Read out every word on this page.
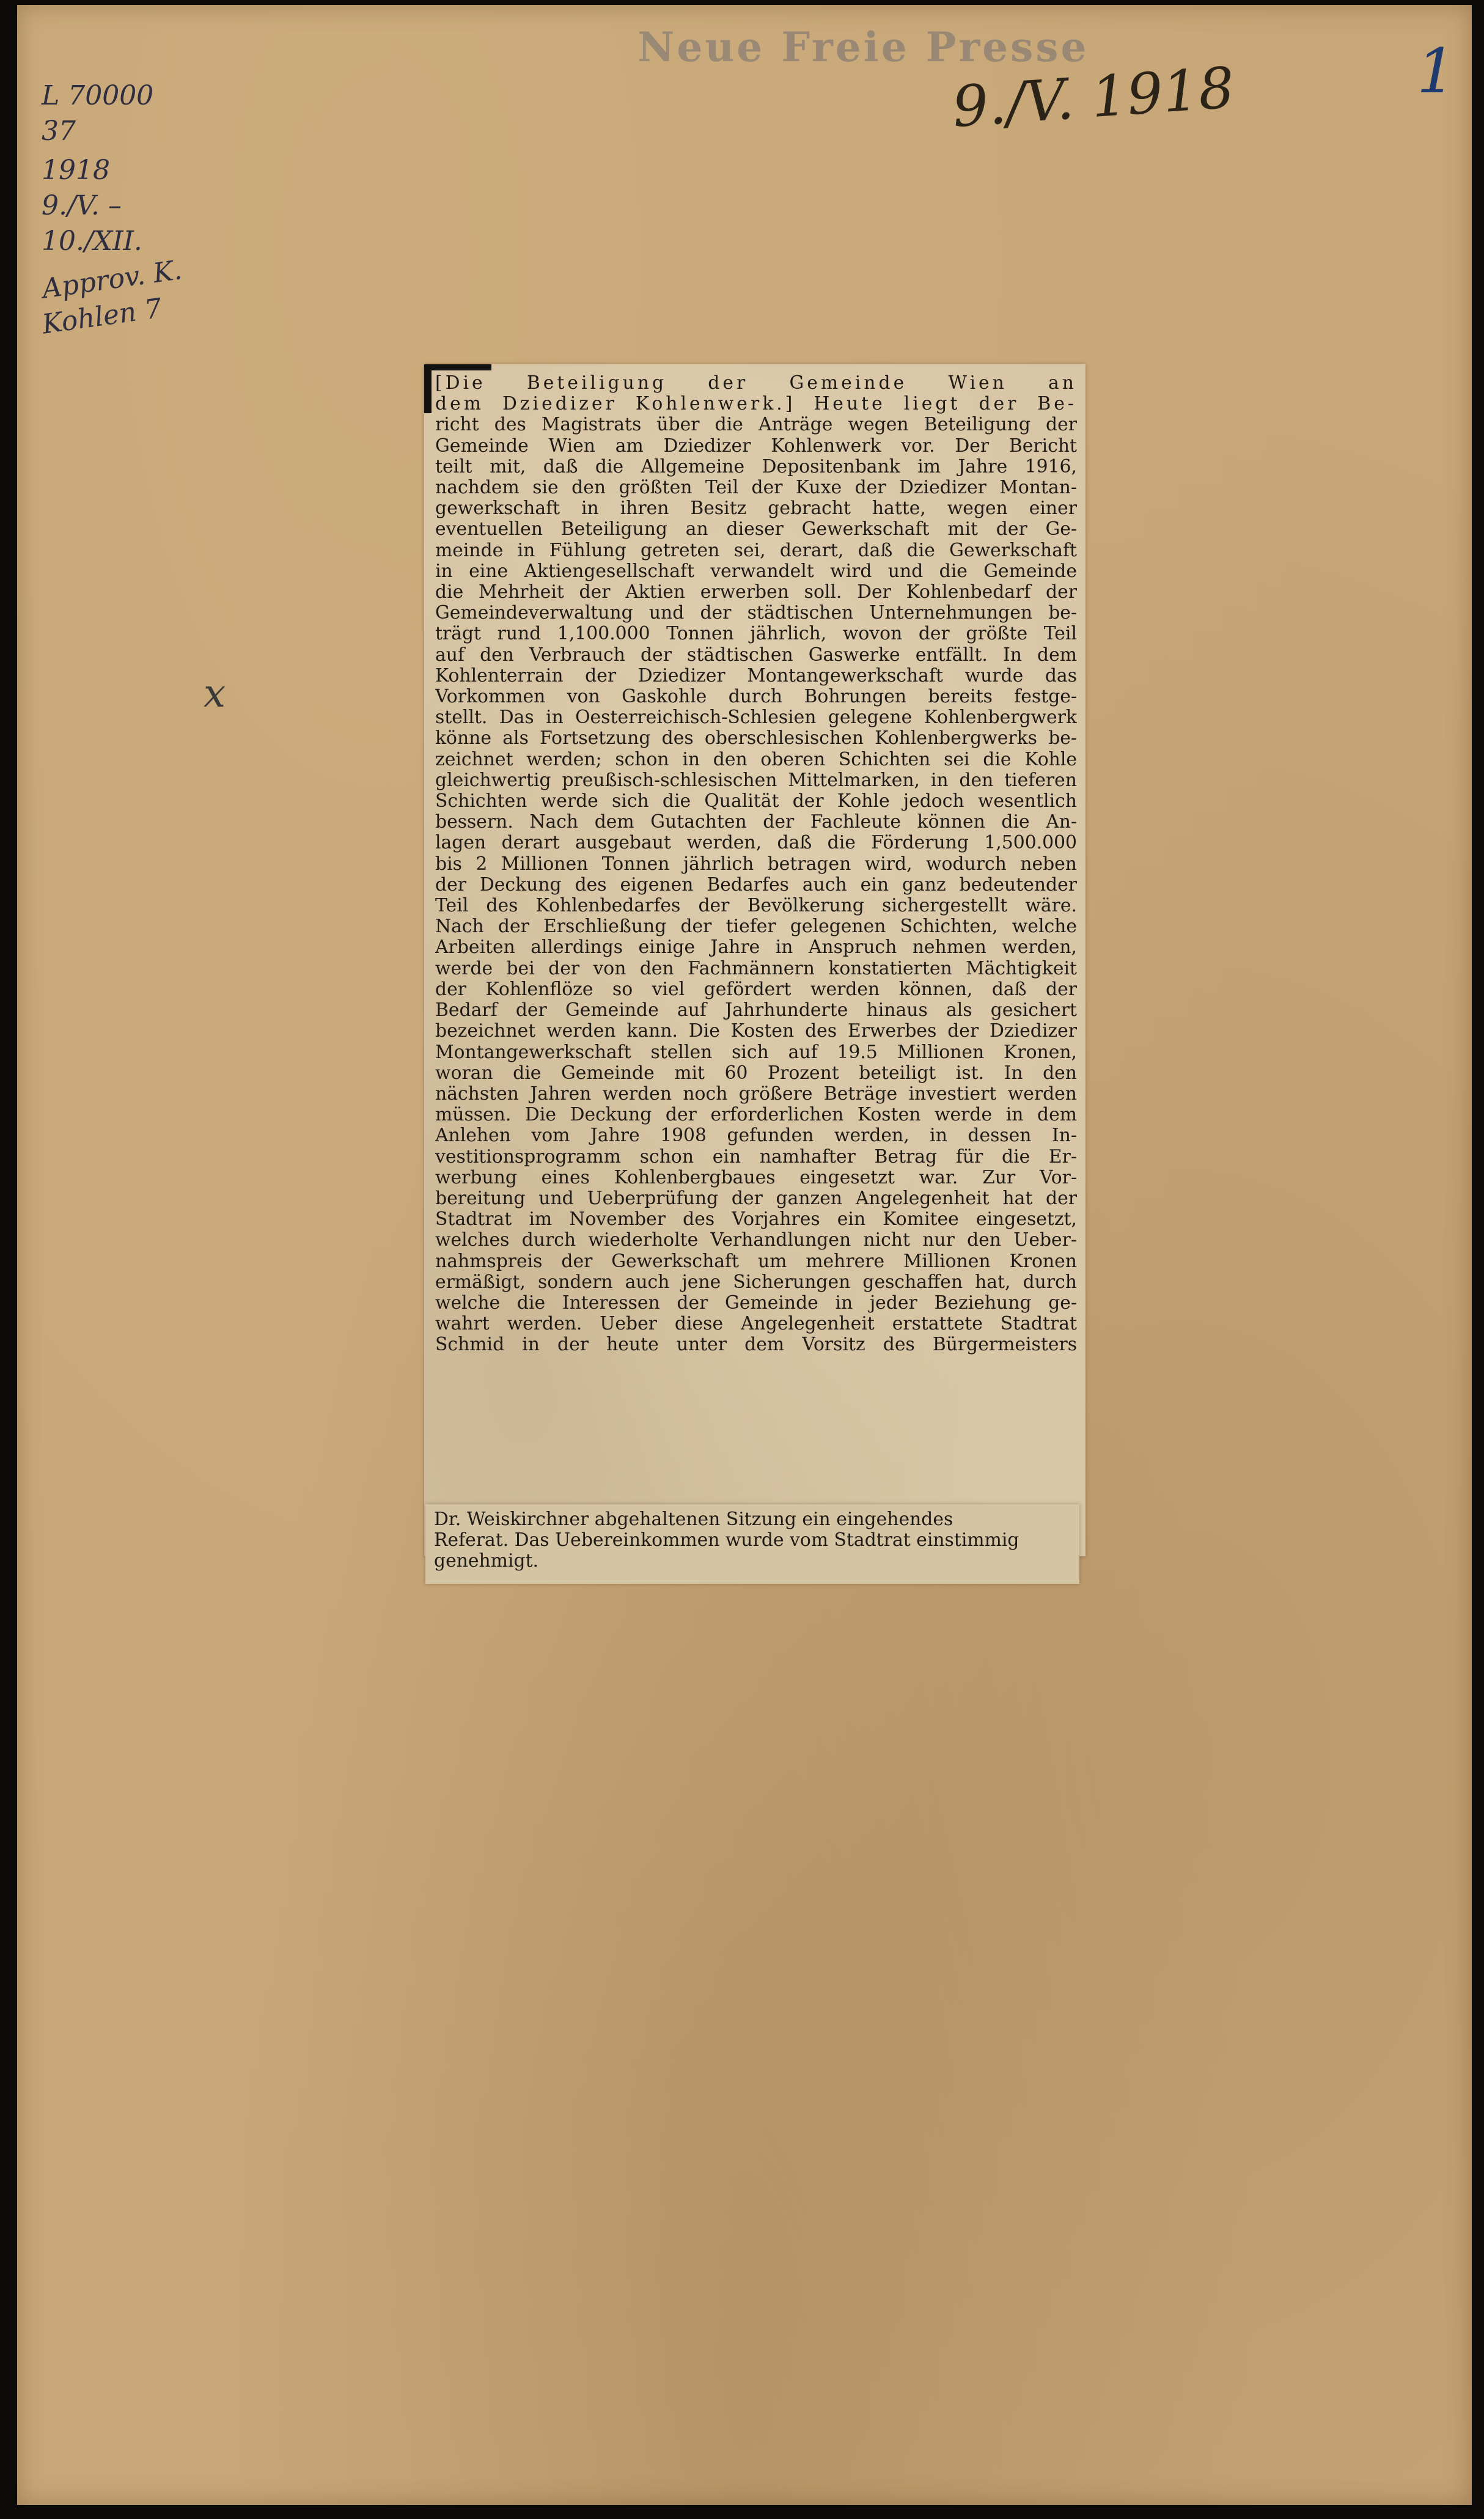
Neue Freie Presse
9./V. 1918	1
x
L 70000
37
1918
9./V. – 10./XII.
Approv. K.
Kohlen 7
[Die Beteiligung der Gemeinde Wien an
dem Dziedizer Kohlenwerk.] Heute liegt der Be-
richt des Magistrats über die Anträge wegen Beteiligung der
Gemeinde Wien am Dziedizer Kohlenwerk vor. Der Bericht
teilt mit, daß die Allgemeine Depositenbank im Jahre 1916,
nachdem sie den größten Teil der Kuxe der Dziedizer Montan-
gewerkschaft in ihren Besitz gebracht hatte, wegen einer
eventuellen Beteiligung an dieser Gewerkschaft mit der Ge-
meinde in Fühlung getreten sei, derart, daß die Gewerkschaft
in eine Aktiengesellschaft verwandelt wird und die Gemeinde
die Mehrheit der Aktien erwerben soll. Der Kohlenbedarf der
Gemeindeverwaltung und der städtischen Unternehmungen be-
trägt rund 1,100.000 Tonnen jährlich, wovon der größte Teil
auf den Verbrauch der städtischen Gaswerke entfällt. In dem
Kohlenterrain der Dziedizer Montangewerkschaft wurde das
Vorkommen von Gaskohle durch Bohrungen bereits festge-
stellt. Das in Oesterreichisch-Schlesien gelegene Kohlenbergwerk
könne als Fortsetzung des oberschlesischen Kohlenbergwerks be-
zeichnet werden; schon in den oberen Schichten sei die Kohle
gleichwertig preußisch-schlesischen Mittelmarken, in den tieferen
Schichten werde sich die Qualität der Kohle jedoch wesentlich
bessern. Nach dem Gutachten der Fachleute können die An-
lagen derart ausgebaut werden, daß die Förderung 1,500.000
bis 2 Millionen Tonnen jährlich betragen wird, wodurch neben
der Deckung des eigenen Bedarfes auch ein ganz bedeutender
Teil des Kohlenbedarfes der Bevölkerung sichergestellt wäre.
Nach der Erschließung der tiefer gelegenen Schichten, welche
Arbeiten allerdings einige Jahre in Anspruch nehmen werden,
werde bei der von den Fachmännern konstatierten Mächtigkeit
der Kohlenflöze so viel gefördert werden können, daß der
Bedarf der Gemeinde auf Jahrhunderte hinaus als gesichert
bezeichnet werden kann. Die Kosten des Erwerbes der Dziedizer
Montangewerkschaft stellen sich auf 19.5 Millionen Kronen,
woran die Gemeinde mit 60 Prozent beteiligt ist. In den
nächsten Jahren werden noch größere Beträge investiert werden
müssen. Die Deckung der erforderlichen Kosten werde in dem
Anlehen vom Jahre 1908 gefunden werden, in dessen In-
vestitionsprogramm schon ein namhafter Betrag für die Er-
werbung eines Kohlenbergbaues eingesetzt war. Zur Vor-
bereitung und Ueberprüfung der ganzen Angelegenheit hat der
Stadtrat im November des Vorjahres ein Komitee eingesetzt,
welches durch wiederholte Verhandlungen nicht nur den Ueber-
nahmspreis der Gewerkschaft um mehrere Millionen Kronen
ermäßigt, sondern auch jene Sicherungen geschaffen hat, durch
welche die Interessen der Gemeinde in jeder Beziehung ge-
wahrt werden. Ueber diese Angelegenheit erstattete Stadtrat
Schmid in der heute unter dem Vorsitz des Bürgermeisters
Dr. Weiskirchner abgehaltenen Sitzung ein eingehendes
Referat. Das Uebereinkommen wurde vom Stadtrat einstimmig
genehmigt.
